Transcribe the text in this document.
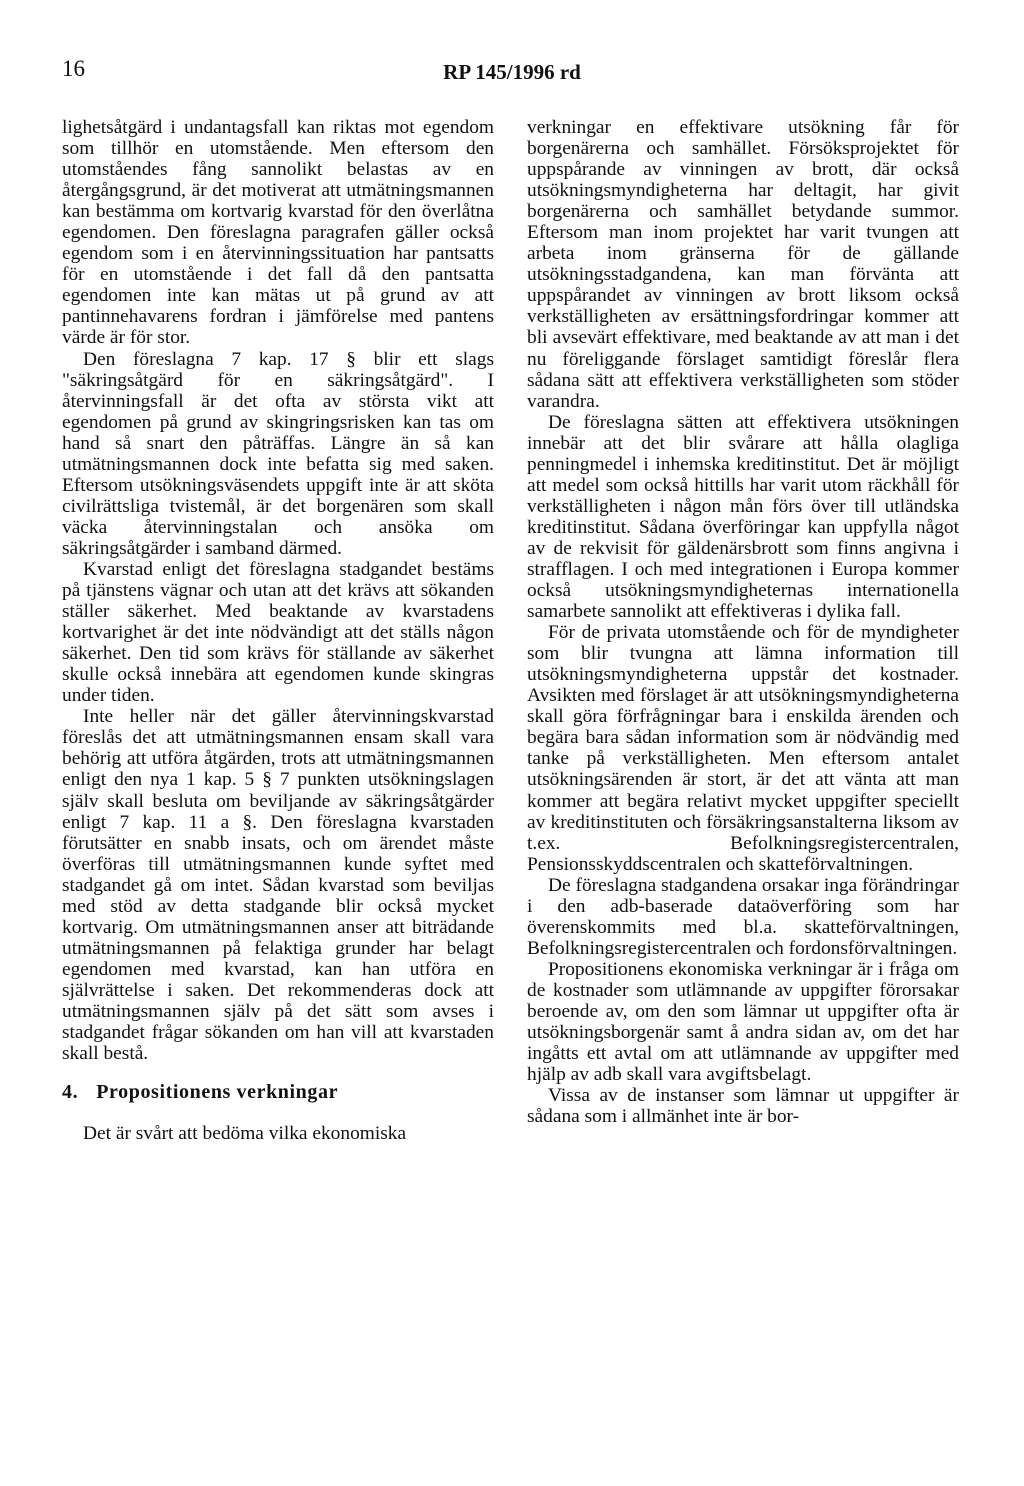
16	RP 145/1996 rd

lighetsåtgärd i undantagsfall kan riktas mot egendom som tillhör en utomstående. Men eftersom den utomståendes fång sannolikt belastas av en återgångsgrund, är det motiverat att utmätningsmannen kan bestämma om kortvarig kvarstad för den överlåtna egendomen. Den föreslagna paragrafen gäller också egendom som i en återvinningssituation har pantsatts för en utomstående i det fall då den pantsatta egendomen inte kan mätas ut på grund av att pantinnehavarens fordran i jämförelse med pantens värde är för stor.

Den föreslagna 7 kap. 17 § blir ett slags "säkringsåtgärd för en säkringsåtgärd". I återvinningsfall är det ofta av största vikt att egendomen på grund av skingringsrisken kan tas om hand så snart den påträffas. Längre än så kan utmätningsmannen dock inte befatta sig med saken. Eftersom utsökningsväsendets uppgift inte är att sköta civilrättsliga tvistemål, är det borgenären som skall väcka återvinningstalan och ansöka om säkringsåtgärder i samband därmed.

Kvarstad enligt det föreslagna stadgandet bestäms på tjänstens vägnar och utan att det krävs att sökanden ställer säkerhet. Med beaktande av kvarstadens kortvarighet är det inte nödvändigt att det ställs någon säkerhet. Den tid som krävs för ställande av säkerhet skulle också innebära att egendomen kunde skingras under tiden.

Inte heller när det gäller återvinningskvarstad föreslås det att utmätningsmannen ensam skall vara behörig att utföra åtgärden, trots att utmätningsmannen enligt den nya 1 kap. 5 § 7 punkten utsökningslagen själv skall besluta om beviljande av säkringsåtgärder enligt 7 kap. 11 a §. Den föreslagna kvarstaden förutsätter en snabb insats, och om ärendet måste överföras till utmätningsmannen kunde syftet med stadgandet gå om intet. Sådan kvarstad som beviljas med stöd av detta stadgande blir också mycket kortvarig. Om utmätningsmannen anser att biträdande utmätningsmannen på felaktiga grunder har belagt egendomen med kvarstad, kan han utföra en självrättelse i saken. Det rekommenderas dock att utmätningsmannen själv på det sätt som avses i stadgandet frågar sökanden om han vill att kvarstaden skall bestå.

4. Propositionens verkningar

Det är svårt att bedöma vilka ekonomiska

verkningar en effektivare utsökning får för borgenärerna och samhället. Försöksprojektet för uppspårande av vinningen av brott, där också utsökningsmyndigheterna har deltagit, har givit borgenärerna och samhället betydande summor. Eftersom man inom projektet har varit tvungen att arbeta inom gränserna för de gällande utsökningsstadgandena, kan man förvänta att uppspårandet av vinningen av brott liksom också verkställigheten av ersättningsfordringar kommer att bli avsevärt effektivare, med beaktande av att man i det nu föreliggande förslaget samtidigt föreslår flera sådana sätt att effektivera verkställigheten som stöder varandra.

De föreslagna sätten att effektivera utsökningen innebär att det blir svårare att hålla olagliga penningmedel i inhemska kreditinstitut. Det är möjligt att medel som också hittills har varit utom räckhåll för verkställigheten i någon mån förs över till utländska kreditinstitut. Sådana överföringar kan uppfylla något av de rekvisit för gäldenärsbrott som finns angivna i strafflagen. I och med integrationen i Europa kommer också utsökningsmyndigheternas internationella samarbete sannolikt att effektiveras i dylika fall.

För de privata utomstående och för de myndigheter som blir tvungna att lämna information till utsökningsmyndigheterna uppstår det kostnader. Avsikten med förslaget är att utsökningsmyndigheterna skall göra förfrågningar bara i enskilda ärenden och begära bara sådan information som är nödvändig med tanke på verkställigheten. Men eftersom antalet utsökningsärenden är stort, är det att vänta att man kommer att begära relativt mycket uppgifter speciellt av kreditinstituten och försäkringsanstalterna liksom av t.ex. Befolkningsregistercentralen, Pensionsskyddscentralen och skatteförvaltningen.

De föreslagna stadgandena orsakar inga förändringar i den adb-baserade dataöverföring som har överenskommits med bl.a. skatteförvaltningen, Befolkningsregistercentralen och fordonsförvaltningen.

Propositionens ekonomiska verkningar är i fråga om de kostnader som utlämnande av uppgifter förorsakar beroende av, om den som lämnar ut uppgifter ofta är utsökningsborgenär samt å andra sidan av, om det har ingåtts ett avtal om att utlämnande av uppgifter med hjälp av adb skall vara avgiftsbelagt.

Vissa av de instanser som lämnar ut uppgifter är sådana som i allmänhet inte är bor-
